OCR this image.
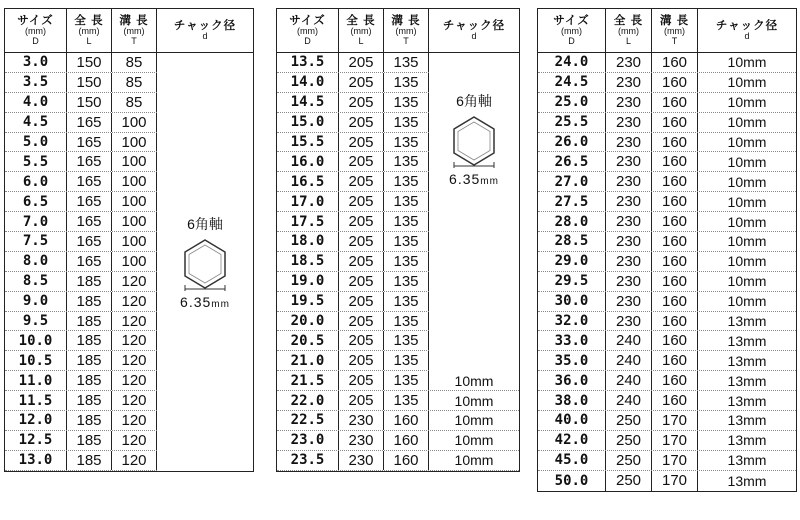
サイズ
(mm)
D
全 長
(mm)
L
溝 長
(mm)
T
チャック径
d
3.0	150	85
3.5	150	85
4.0	150	85
4.5	165	100
5.0	165	100
5.5	165	100
6.0	165	100
6.5	165	100
7.0	165	100
7.5	165	100
8.0	165	100
8.5	185	120
9.0	185	120
9.5	185	120
10.0	185	120
10.5	185	120
11.0	185	120
11.5	185	120
12.0	185	120
12.5	185	120
13.0	185	120
6角軸
6.35mm
サイズ
(mm)
D
全 長
(mm)
L
溝 長
(mm)
T
チャック径
d
13.5	205	135
14.0	205	135
14.5	205	135
15.0	205	135
15.5	205	135
16.0	205	135
16.5	205	135
17.0	205	135
17.5	205	135
18.0	205	135
18.5	205	135
19.0	205	135
19.5	205	135
20.0	205	135
20.5	205	135
21.0	205	135
21.5	205	135	10mm
22.0	205	135	10mm
22.5	230	160	10mm
23.0	230	160	10mm
23.5	230	160	10mm
6角軸
6.35mm
サイズ
(mm)
D
全 長
(mm)
L
溝 長
(mm)
T
チャック径
d
24.0	230	160	10mm
24.5	230	160	10mm
25.0	230	160	10mm
25.5	230	160	10mm
26.0	230	160	10mm
26.5	230	160	10mm
27.0	230	160	10mm
27.5	230	160	10mm
28.0	230	160	10mm
28.5	230	160	10mm
29.0	230	160	10mm
29.5	230	160	10mm
30.0	230	160	10mm
32.0	230	160	13mm
33.0	240	160	13mm
35.0	240	160	13mm
36.0	240	160	13mm
38.0	240	160	13mm
40.0	250	170	13mm
42.0	250	170	13mm
45.0	250	170	13mm
50.0	250	170	13mm
